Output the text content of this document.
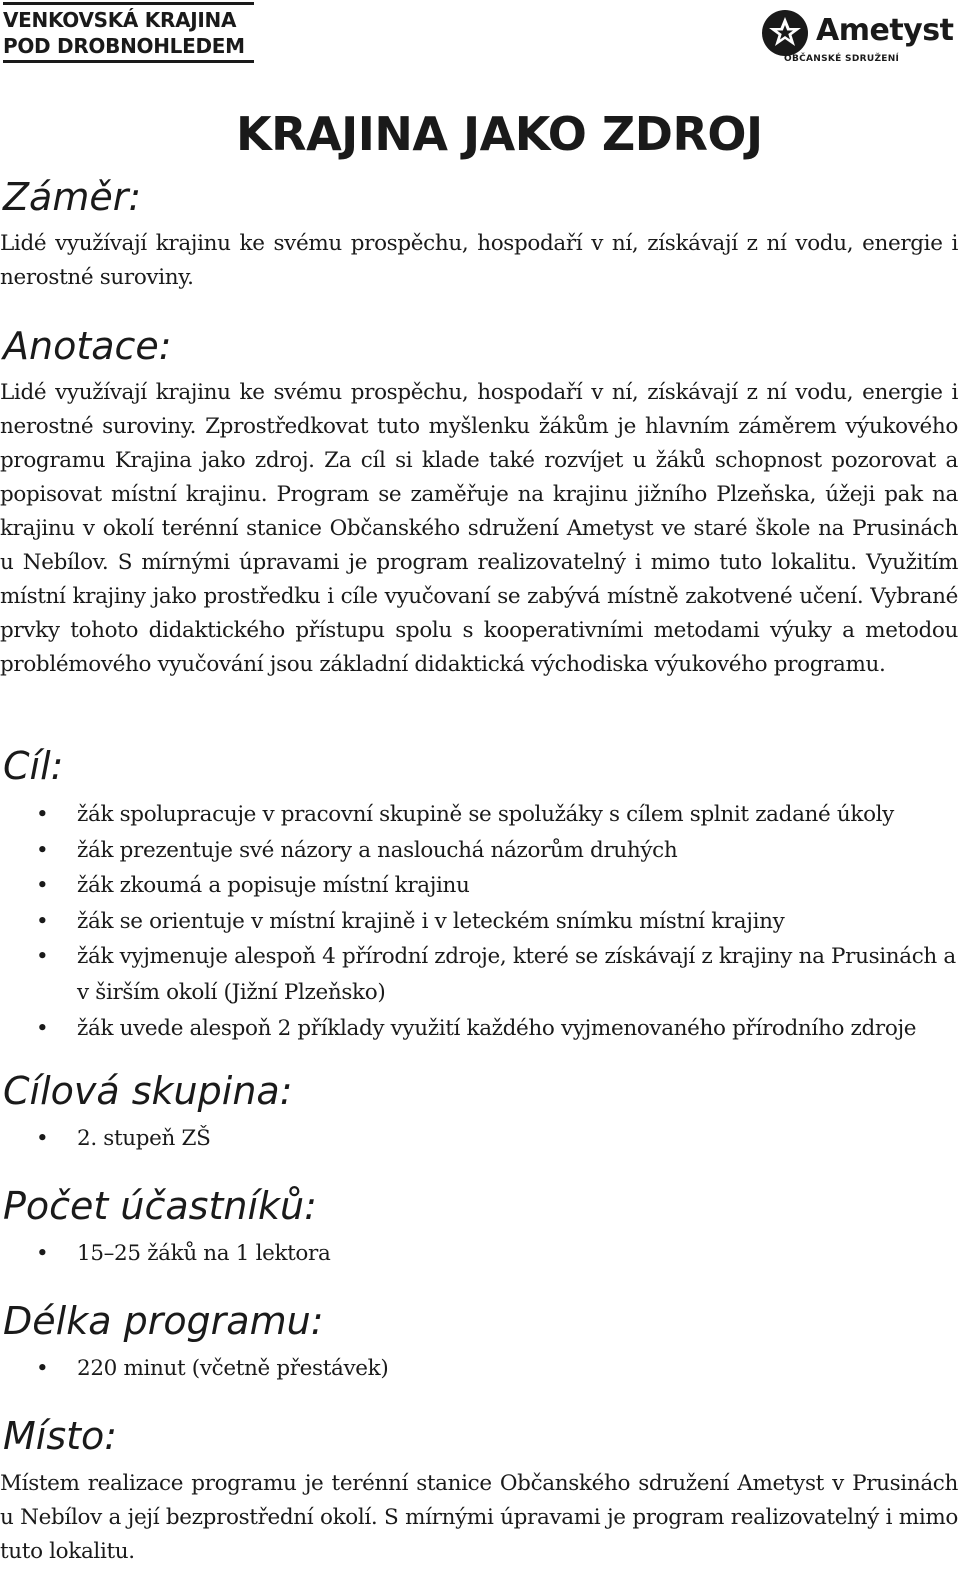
VENKOVSKÁ KRAJINA
POD DROBNOHLEDEM	Ametyst
OBČANSKÉ SDRUŽENÍ
KRAJINA JAKO ZDROJ
Záměr:

Lidé využívají krajinu ke svému prospěchu, hospodaří v ní, získávají z ní vodu, energie i nerostné suroviny.

Anotace:

Lidé využívají krajinu ke svému prospěchu, hospodaří v ní, získávají z ní vodu, energie i nerostné suroviny. Zprostředkovat tuto myšlenku žákům je hlavním záměrem výukového programu Krajina jako zdroj. Za cíl si klade také rozvíjet u žáků schopnost pozorovat a popisovat místní krajinu. Program se zaměřuje na krajinu jižního Plzeňska, úžeji pak na krajinu v okolí terénní stanice Občanského sdružení Ametyst ve staré škole na Prusinách u Nebílov. S mírnými úpravami je program realizovatelný i mimo tuto lokalitu. Využitím místní krajiny jako prostředku i cíle vyučovaní se zabývá místně zakotvené učení. Vybrané prvky tohoto didaktického přístupu spolu s kooperativními metodami výuky a metodou problémového vyučování jsou základní didaktická východiska výukového programu.

Cíl:
• žák spolupracuje v pracovní skupině se spolužáky s cílem splnit zadané úkoly
• žák prezentuje své názory a naslouchá názorům druhých
• žák zkoumá a popisuje místní krajinu
• žák se orientuje v místní krajině i v leteckém snímku místní krajiny
• žák vyjmenuje alespoň 4 přírodní zdroje, které se získávají z krajiny na Prusinách a v širším okolí (Jižní Plzeňsko)
• žák uvede alespoň 2 příklady využití každého vyjmenovaného přírodního zdroje
Cílová skupina:
• 2. stupeň ZŠ
Počet účastníků:
• 15–25 žáků na 1 lektora
Délka programu:
• 220 minut (včetně přestávek)
Místo:

Místem realizace programu je terénní stanice Občanského sdružení Ametyst v Prusinách u Nebílov a její bezprostřední okolí. S mírnými úpravami je program realizovatelný i mimo tuto lokalitu.
